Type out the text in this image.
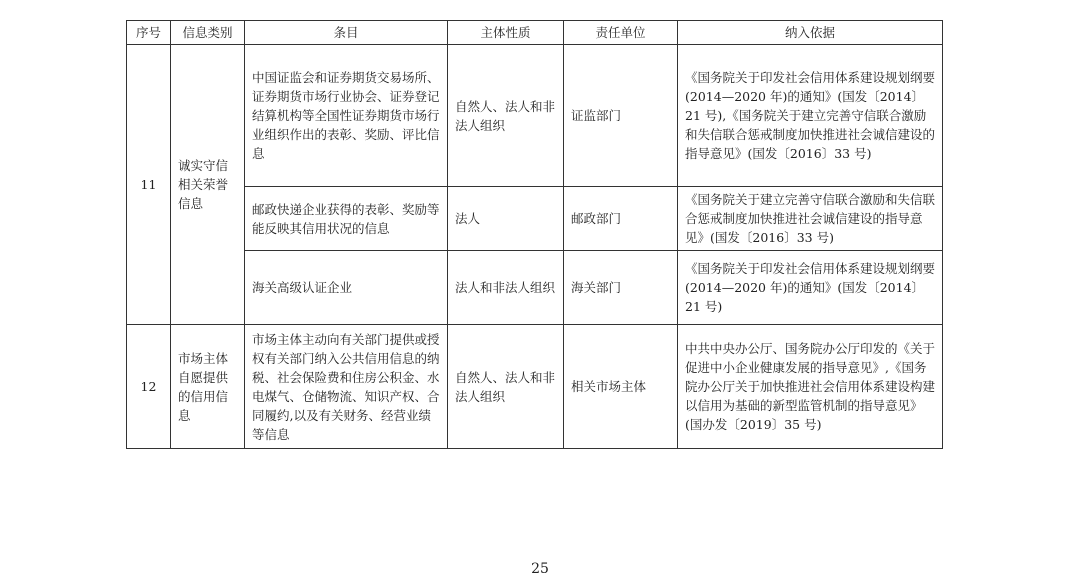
序号	信息类别	条目	主体性质	责任单位	纳入依据
11	诚实守信相关荣誉信息	中国证监会和证券期货交易场所、证券期货市场行业协会、证券登记结算机构等全国性证券期货市场行业组织作出的表彰、奖励、评比信息	自然人、法人和非法人组织	证监部门	《国务院关于印发社会信用体系建设规划纲要(2014—2020 年)的通知》(国发〔2014〕21 号),《国务院关于建立完善守信联合激励和失信联合惩戒制度加快推进社会诚信建设的指导意见》(国发〔2016〕33 号)
		邮政快递企业获得的表彰、奖励等能反映其信用状况的信息	法人	邮政部门	《国务院关于建立完善守信联合激励和失信联合惩戒制度加快推进社会诚信建设的指导意见》(国发〔2016〕33 号)
		海关高级认证企业	法人和非法人组织	海关部门	《国务院关于印发社会信用体系建设规划纲要(2014—2020 年)的通知》(国发〔2014〕21 号)
12	市场主体自愿提供的信用信息	市场主体主动向有关部门提供或授权有关部门纳入公共信用信息的纳税、社会保险费和住房公积金、水电煤气、仓储物流、知识产权、合同履约,以及有关财务、经营业绩等信息	自然人、法人和非法人组织	相关市场主体	中共中央办公厅、国务院办公厅印发的《关于促进中小企业健康发展的指导意见》,《国务院办公厅关于加快推进社会信用体系建设构建以信用为基础的新型监管机制的指导意见》(国办发〔2019〕35 号)
25
